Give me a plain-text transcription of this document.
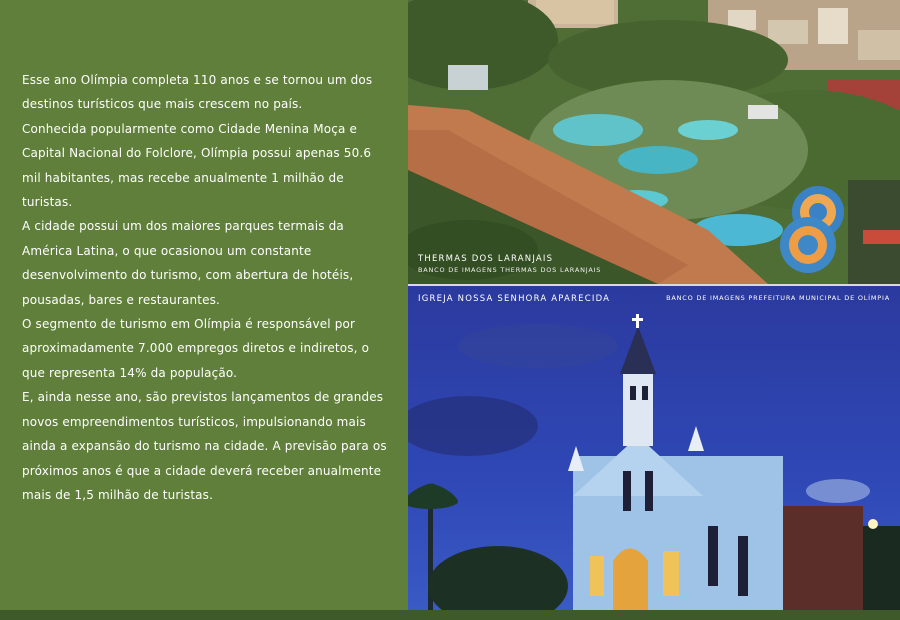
Esse ano Olímpia completa 110 anos e se tornou um dos destinos turísticos que mais crescem no país.

Conhecida popularmente como Cidade Menina Moça e Capital Nacional do Folclore, Olímpia possui apenas 50.6 mil habitantes, mas recebe anualmente 1 milhão de turistas.

A cidade possui um dos maiores parques termais da América Latina, o que ocasionou um constante desenvolvimento do turismo, com abertura de hotéis, pousadas, bares e restaurantes.

O segmento de turismo em Olímpia é responsável por aproximadamente 7.000 empregos diretos e indiretos, o que representa 14% da população.

E, ainda nesse ano, são previstos lançamentos de grandes novos empreendimentos turísticos, impulsionando mais ainda a expansão do turismo na cidade. A previsão para os próximos anos é que a cidade deverá receber anualmente mais de 1,5 milhão de turistas.

THERMAS DOS LARANJAIS
BANCO DE IMAGENS THERMAS DOS LARANJAIS
IGREJA NOSSA SENHORA APARECIDA	BANCO DE IMAGENS PREFEITURA MUNICIPAL DE OLÍMPIA
